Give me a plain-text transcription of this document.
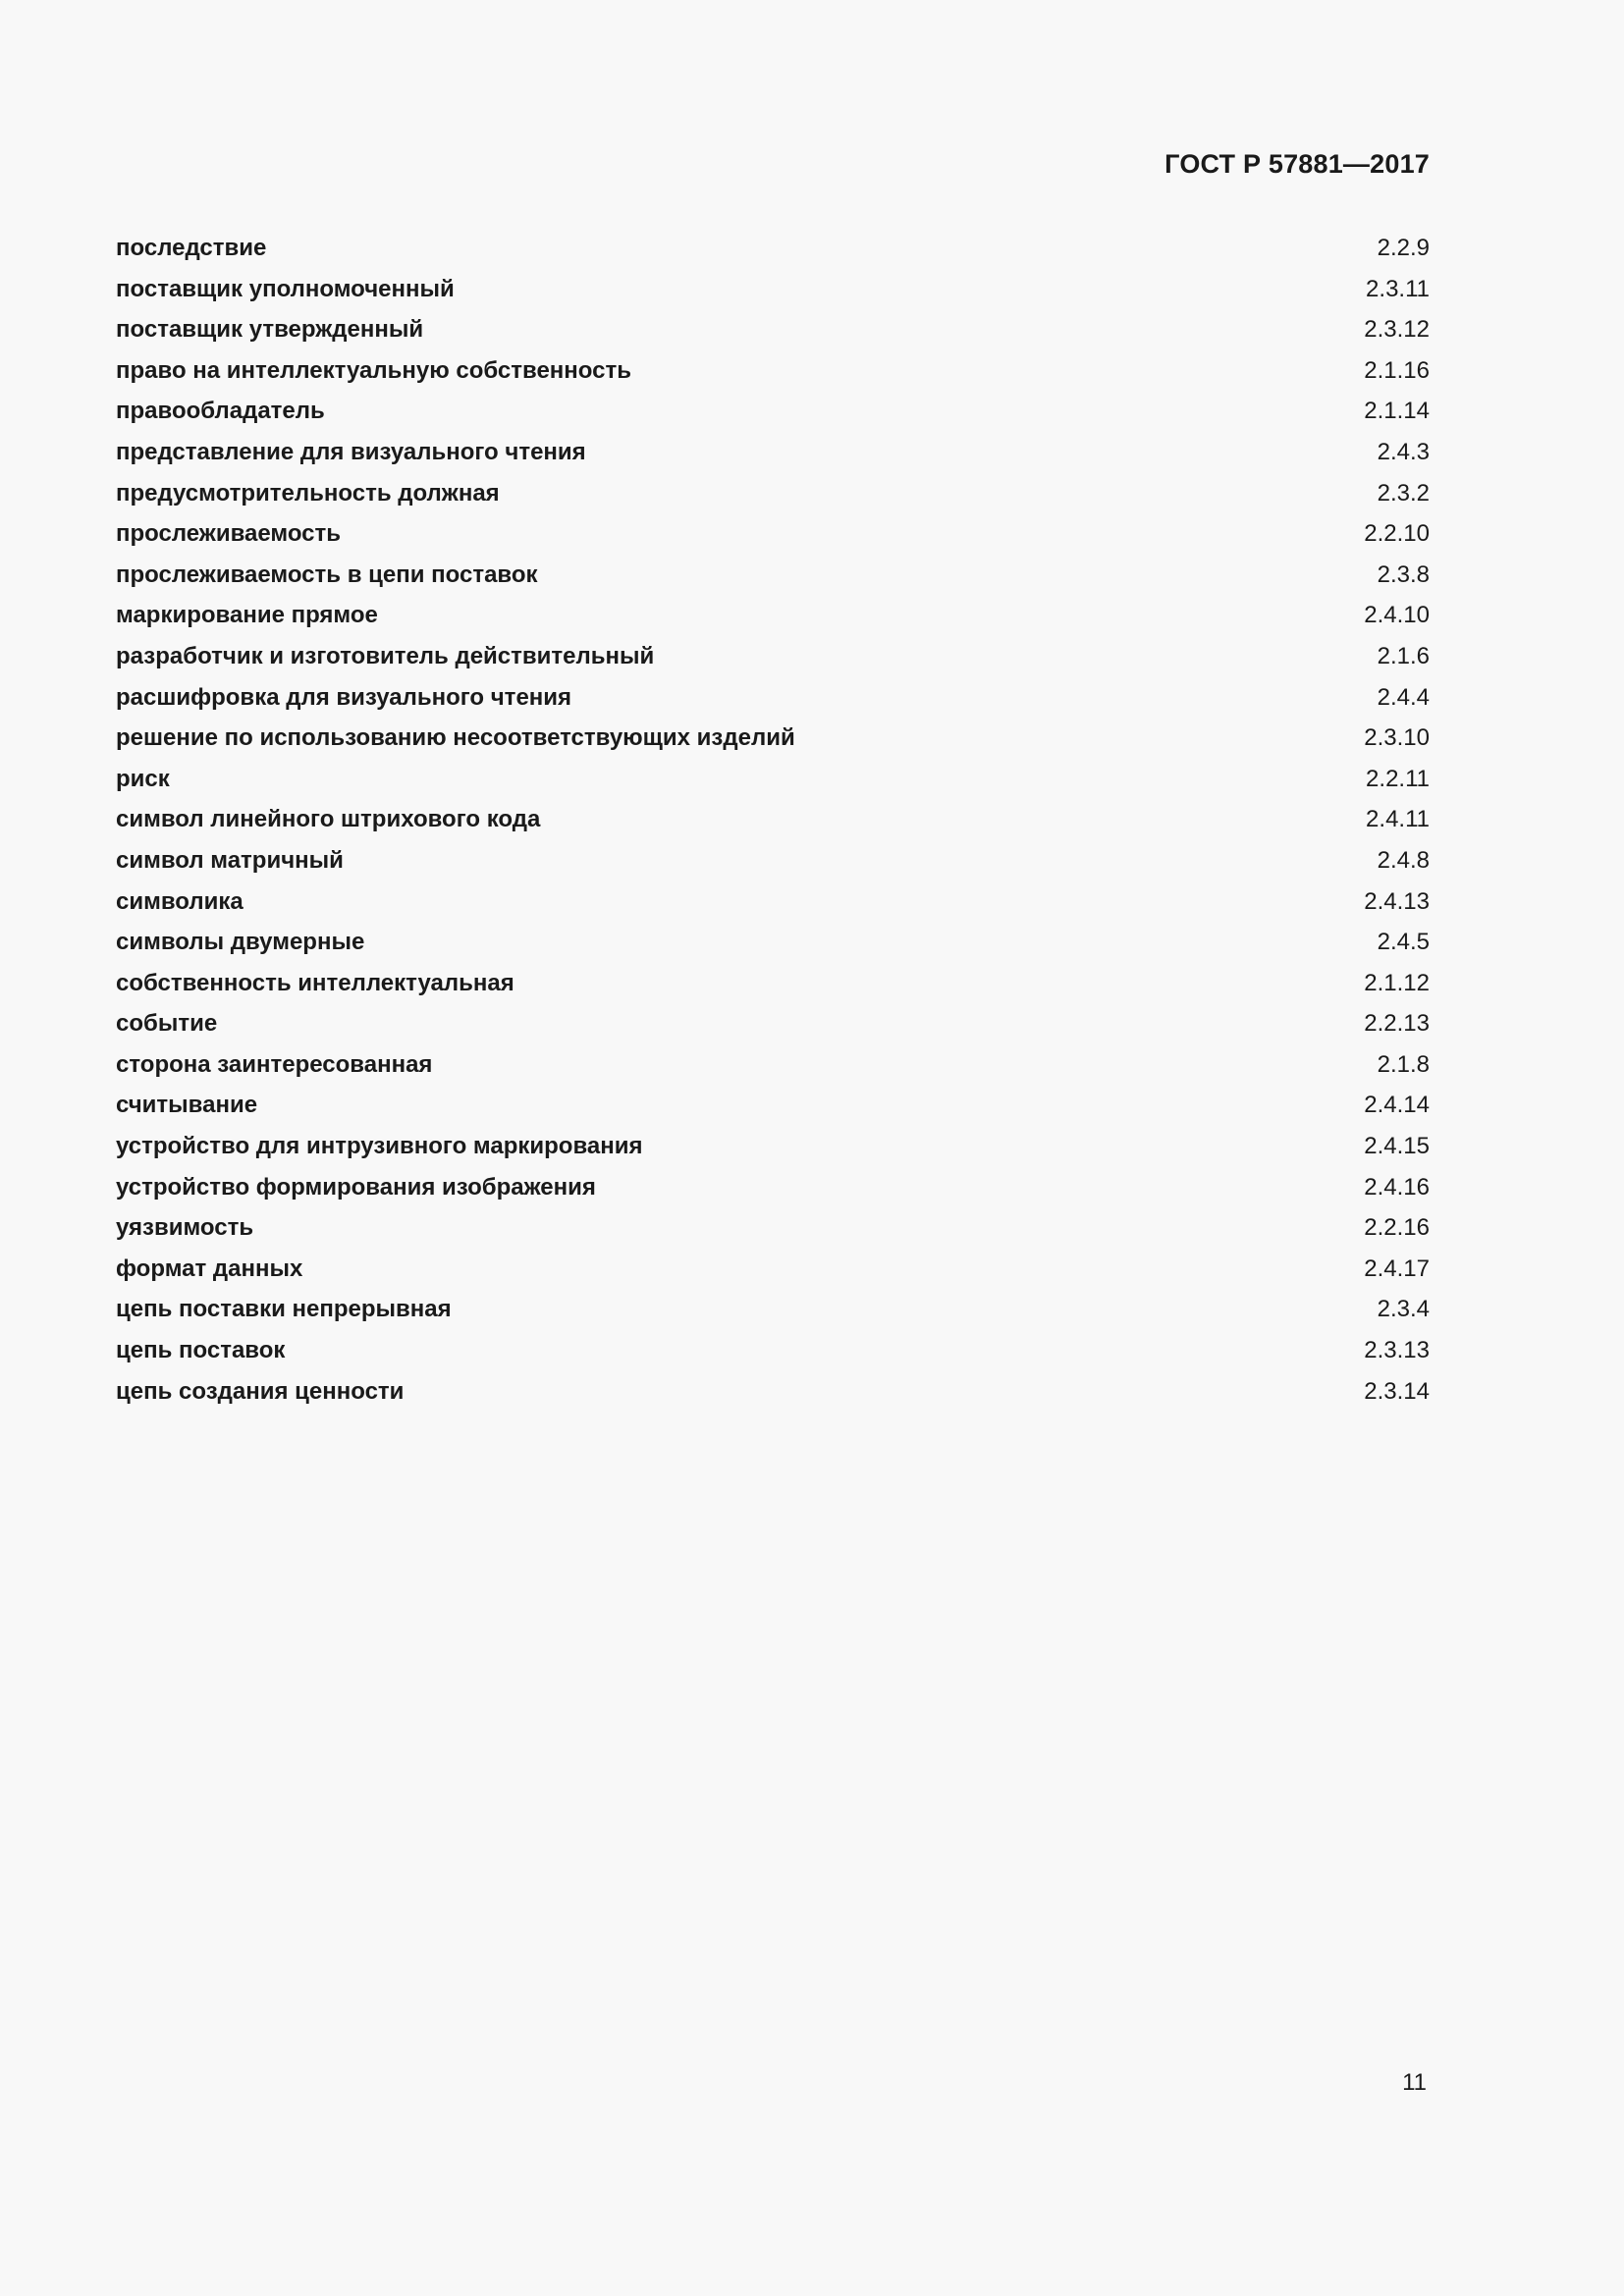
ГОСТ Р 57881—2017
последствие	2.2.9
поставщик уполномоченный	2.3.11
поставщик утвержденный	2.3.12
право на интеллектуальную собственность	2.1.16
правообладатель	2.1.14
представление для визуального чтения	2.4.3
предусмотрительность должная	2.3.2
прослеживаемость	2.2.10
прослеживаемость в цепи поставок	2.3.8
маркирование прямое	2.4.10
разработчик и изготовитель действительный	2.1.6
расшифровка для визуального чтения	2.4.4
решение по использованию несоответствующих изделий	2.3.10
риск	2.2.11
символ линейного штрихового кода	2.4.11
символ матричный	2.4.8
символика	2.4.13
символы двумерные	2.4.5
собственность интеллектуальная	2.1.12
событие	2.2.13
сторона заинтересованная	2.1.8
считывание	2.4.14
устройство для интрузивного маркирования	2.4.15
устройство формирования изображения	2.4.16
уязвимость	2.2.16
формат данных	2.4.17
цепь поставки непрерывная	2.3.4
цепь поставок	2.3.13
цепь создания ценности	2.3.14
11
